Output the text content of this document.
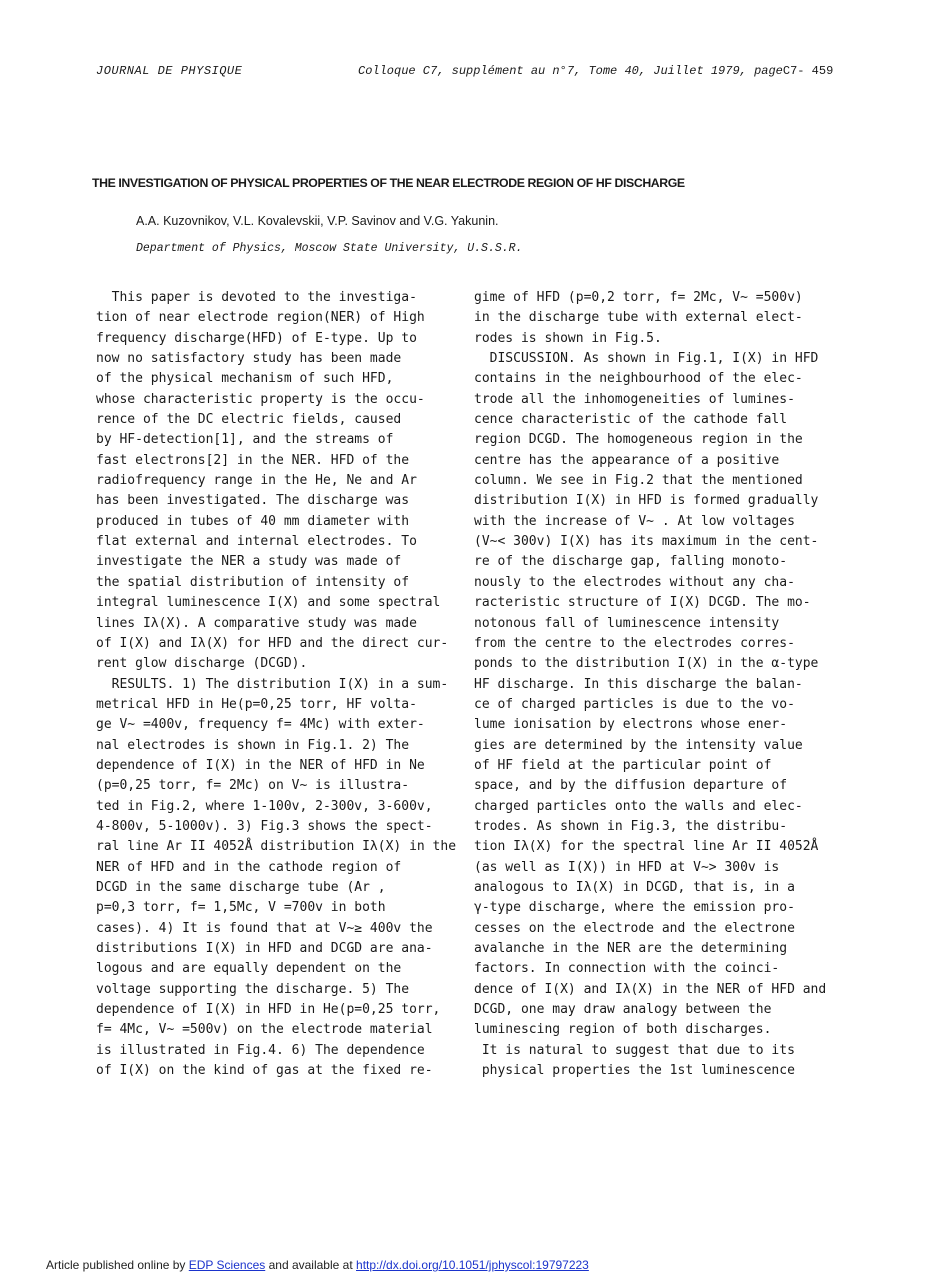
JOURNAL DE PHYSIQUE	Colloque C7, supplément au n°7, Tome 40, Juillet 1979, pageC7- 459
THE INVESTIGATION OF PHYSICAL PROPERTIES OF THE NEAR ELECTRODE REGION OF HF DISCHARGE
A.A. Kuzovnikov, V.L. Kovalevskii, V.P. Savinov and V.G. Yakunin.
Department of Physics, Moscow State University, U.S.S.R.
This paper is devoted to the investiga-
tion of near electrode region(NER) of High
frequency discharge(HFD) of E-type. Up to
now no satisfactory study has been made
of the physical mechanism of such HFD,
whose characteristic property is the occu-
rence of the DC electric fields, caused
by HF-detection[1], and the streams of
fast electrons[2] in the NER. HFD of the
radiofrequency range in the He, Ne and Ar
has been investigated. The discharge was
produced in tubes of 40 mm diameter with
flat external and internal electrodes. To
investigate the NER a study was made of
the spatial distribution of intensity of
integral luminescence I(X) and some spectral
lines Iλ(X). A comparative study was made
of I(X) and Iλ(X) for HFD and the direct cur-
rent glow discharge (DCGD).
RESULTS. 1) The distribution I(X) in a sum-
metrical HFD in He(p=0,25 torr, HF volta-
ge V~ =400v, frequency f= 4Mc) with exter-
nal electrodes is shown in Fig.1. 2) The
dependence of I(X) in the NER of HFD in Ne
(p=0,25 torr, f= 2Mc) on V~ is illustra-
ted in Fig.2, where 1-100v, 2-300v, 3-600v,
4-800v, 5-1000v). 3) Fig.3 shows the spect-
ral line Ar II 4052Å distribution Iλ(X) in the
NER of HFD and in the cathode region of
DCGD in the same discharge tube (Ar ,
p=0,3 torr, f= 1,5Mc, V =700v in both
cases). 4) It is found that at V~≥ 400v the
distributions I(X) in HFD and DCGD are ana-
logous and are equally dependent on the
voltage supporting the discharge. 5) The
dependence of I(X) in HFD in He(p=0,25 torr,
f= 4Mc, V~ =500v) on the electrode material
is illustrated in Fig.4. 6) The dependence
of I(X) on the kind of gas at the fixed re-
gime of HFD (p=0,2 torr, f= 2Mc, V~ =500v)
in the discharge tube with external elect-
rodes is shown in Fig.5.
DISCUSSION. As shown in Fig.1, I(X) in HFD
contains in the neighbourhood of the elec-
trode all the inhomogeneities of lumines-
cence characteristic of the cathode fall
region DCGD. The homogeneous region in the
centre has the appearance of a positive
column. We see in Fig.2 that the mentioned
distribution I(X) in HFD is formed gradually
with the increase of V~ . At low voltages
(V~< 300v) I(X) has its maximum in the cent-
re of the discharge gap, falling monoto-
nously to the electrodes without any cha-
racteristic structure of I(X) DCGD. The mo-
notonous fall of luminescence intensity
from the centre to the electrodes corres-
ponds to the distribution I(X) in the α-type
HF discharge. In this discharge the balan-
ce of charged particles is due to the vo-
lume ionisation by electrons whose ener-
gies are determined by the intensity value
of HF field at the particular point of
space, and by the diffusion departure of
charged particles onto the walls and elec-
trodes. As shown in Fig.3, the distribu-
tion Iλ(X) for the spectral line Ar II 4052Å
(as well as I(X)) in HFD at V~> 300v is
analogous to Iλ(X) in DCGD, that is, in a
γ-type discharge, where the emission pro-
cesses on the electrode and the electrone
avalanche in the NER are the determining
factors. In connection with the coinci-
dence of I(X) and Iλ(X) in the NER of HFD and
DCGD, one may draw analogy between the
luminescing region of both discharges.
It is natural to suggest that due to its
physical properties the 1st luminescence
Article published online by EDP Sciences and available at http://dx.doi.org/10.1051/jphyscol:19797223
